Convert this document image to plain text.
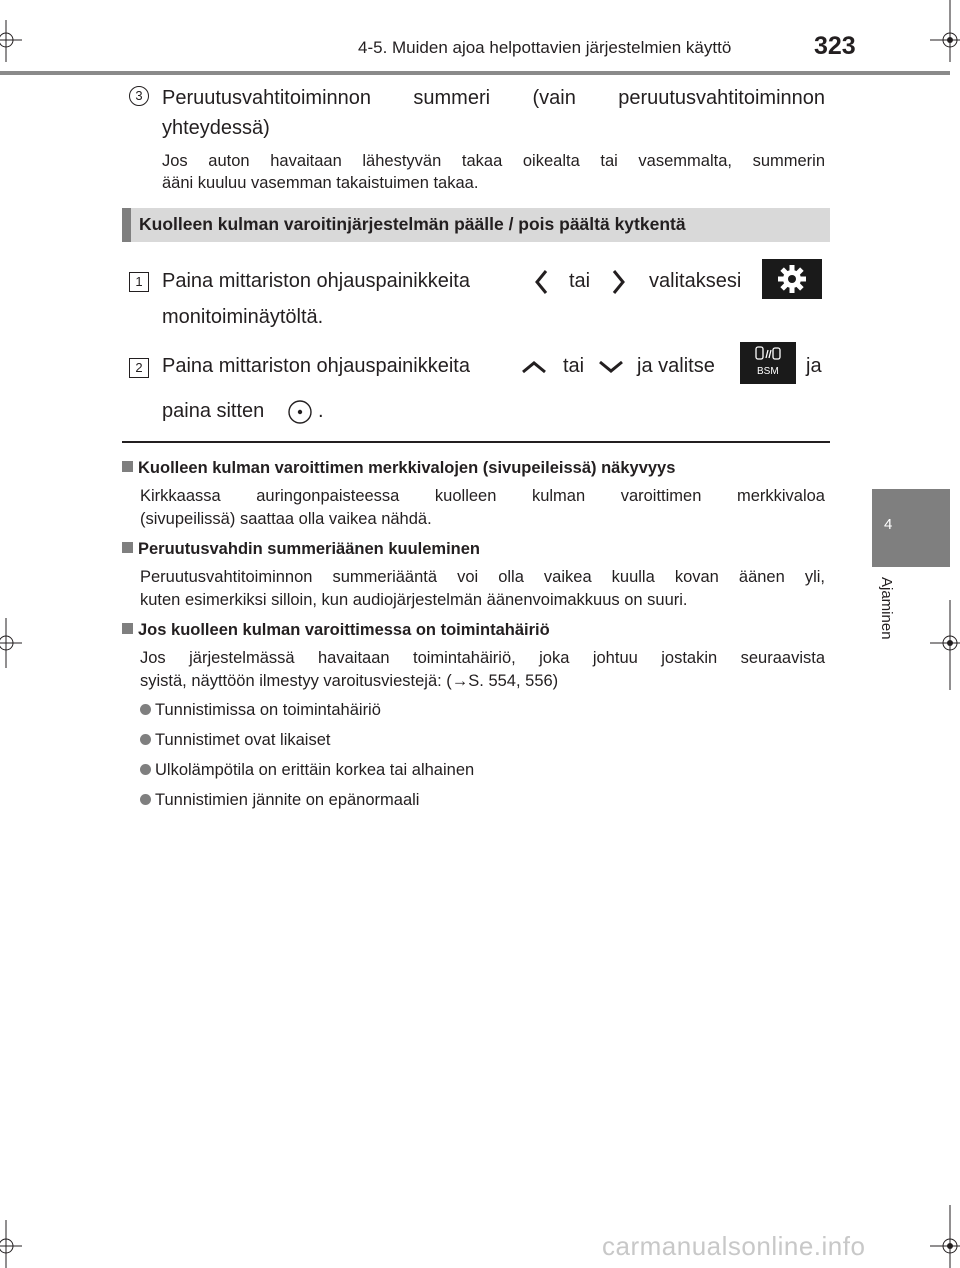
4-5. Muiden ajoa helpottavien järjestelmien käyttö	323
4
Ajaminen
3 Peruutusvahtitoiminnon summeri (vain peruutusvahtitoiminnon
yhteydessä)
Jos auton havaitaan lähestyvän takaa oikealta tai vasemmalta, summerin
ääni kuuluu vasemman takaistuimen takaa.
Kuolleen kulman varoitinjärjestelmän päälle / pois päältä kytkentä
1 Paina mittariston ohjauspainikkeita	tai	valitaksesi
monitoiminäytöltä.
2 Paina mittariston ohjauspainikkeita	tai	ja valitse	BSM ja
paina sitten	.
Kuolleen kulman varoittimen merkkivalojen (sivupeileissä) näkyvyys
Kirkkaassa auringonpaisteessa kuolleen kulman varoittimen merkkivaloa
(sivupeilissä) saattaa olla vaikea nähdä.
Peruutusvahdin summeriäänen kuuleminen
Peruutusvahtitoiminnon summeriääntä voi olla vaikea kuulla kovan äänen yli,
kuten esimerkiksi silloin, kun audiojärjestelmän äänenvoimakkuus on suuri.
Jos kuolleen kulman varoittimessa on toimintahäiriö
Jos järjestelmässä havaitaan toimintahäiriö, joka johtuu jostakin seuraavista
syistä, näyttöön ilmestyy varoitusviestejä: (→S. 554, 556)
Tunnistimissa on toimintahäiriö
Tunnistimet ovat likaiset
Ulkolämpötila on erittäin korkea tai alhainen
Tunnistimien jännite on epänormaali
carmanualsonline.info
